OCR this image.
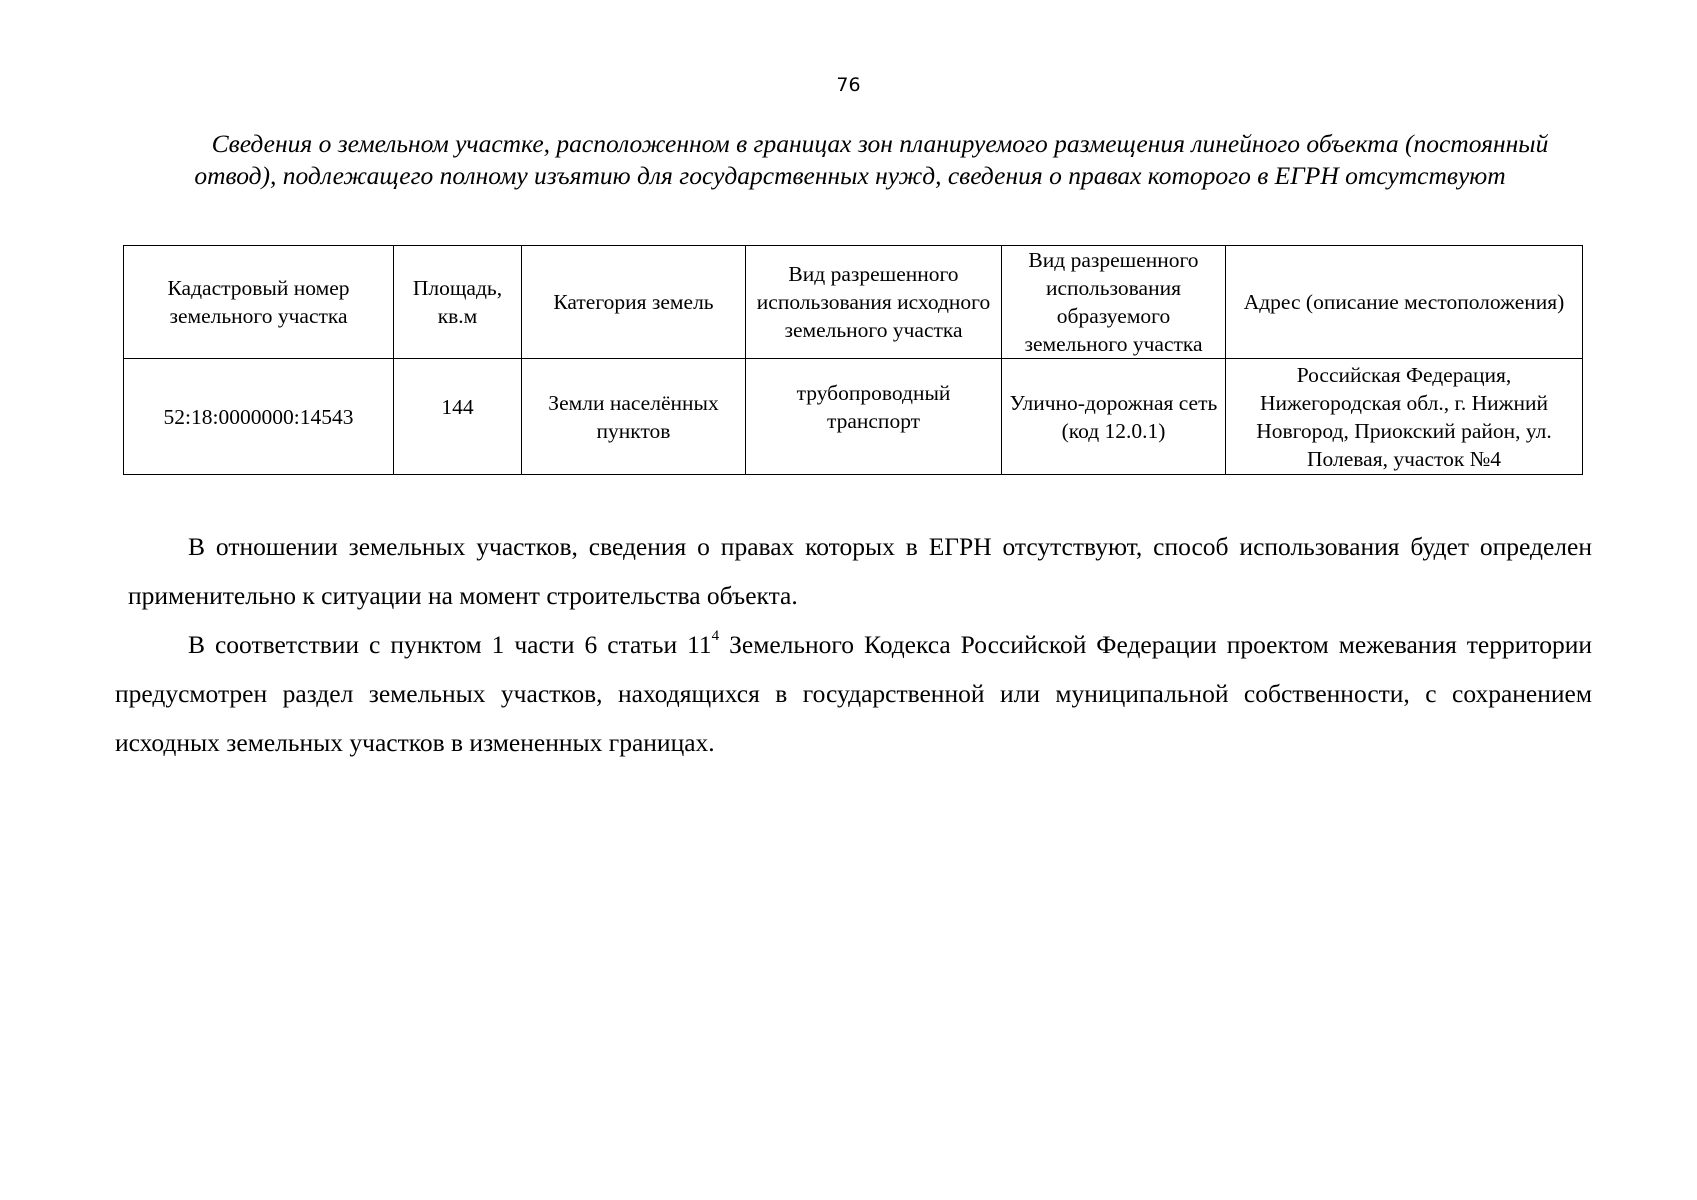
76

Сведения о земельном участке, расположенном в границах зон планируемого размещения линейного объекта (постоянный отвод), подлежащего полному изъятию для государственных нужд, сведения о правах которого в ЕГРН отсутствуют

Кадастровый номер земельного участка	Площадь, кв.м	Категория земель	Вид разрешенного использования исходного земельного участка	Вид разрешенного использования образуемого земельного участка	Адрес (описание местоположения)
52:18:0000000:14543	144	Земли населённых пунктов	трубопроводный транспорт	Улично-дорожная сеть (код 12.0.1)	Российская Федерация, Нижегородская обл., г. Нижний Новгород, Приокский район, ул. Полевая, участок №4

В отношении земельных участков, сведения о правах которых в ЕГРН отсутствуют, способ использования будет определен применительно к ситуации на момент строительства объекта.

В соответствии с пунктом 1 части 6 статьи $11^4$ Земельного Кодекса Российской Федерации проектом межевания территории предусмотрен раздел земельных участков, находящихся в государственной или муниципальной собственности, с сохранением исходных земельных участков в измененных границах.
